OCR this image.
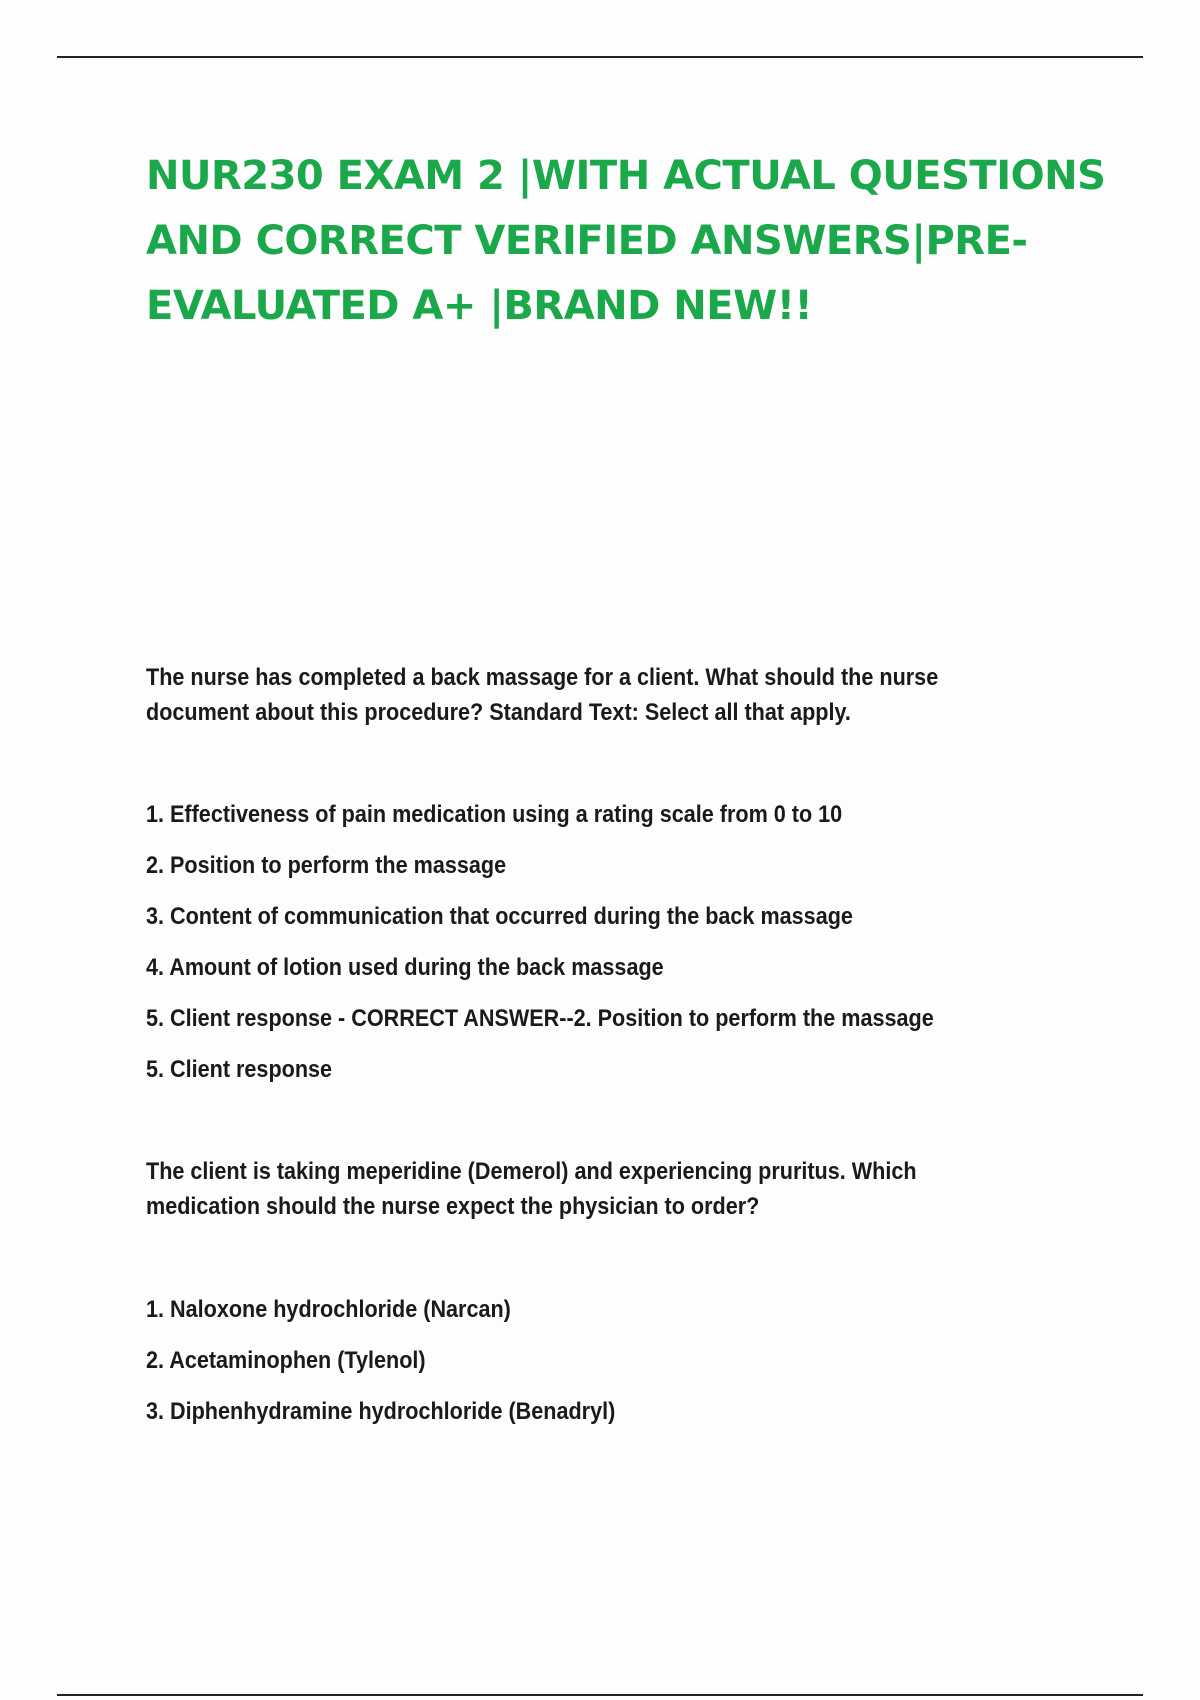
NUR230 EXAM 2 |WITH ACTUAL QUESTIONS
AND CORRECT VERIFIED ANSWERS|PRE-
EVALUATED A+ |BRAND NEW!!

The nurse has completed a back massage for a client. What should the nurse
document about this procedure? Standard Text: Select all that apply.

1. Effectiveness of pain medication using a rating scale from 0 to 10
2. Position to perform the massage
3. Content of communication that occurred during the back massage
4. Amount of lotion used during the back massage
5. Client response - CORRECT ANSWER--2. Position to perform the massage
5. Client response

The client is taking meperidine (Demerol) and experiencing pruritus. Which
medication should the nurse expect the physician to order?

1. Naloxone hydrochloride (Narcan)
2. Acetaminophen (Tylenol)
3. Diphenhydramine hydrochloride (Benadryl)
